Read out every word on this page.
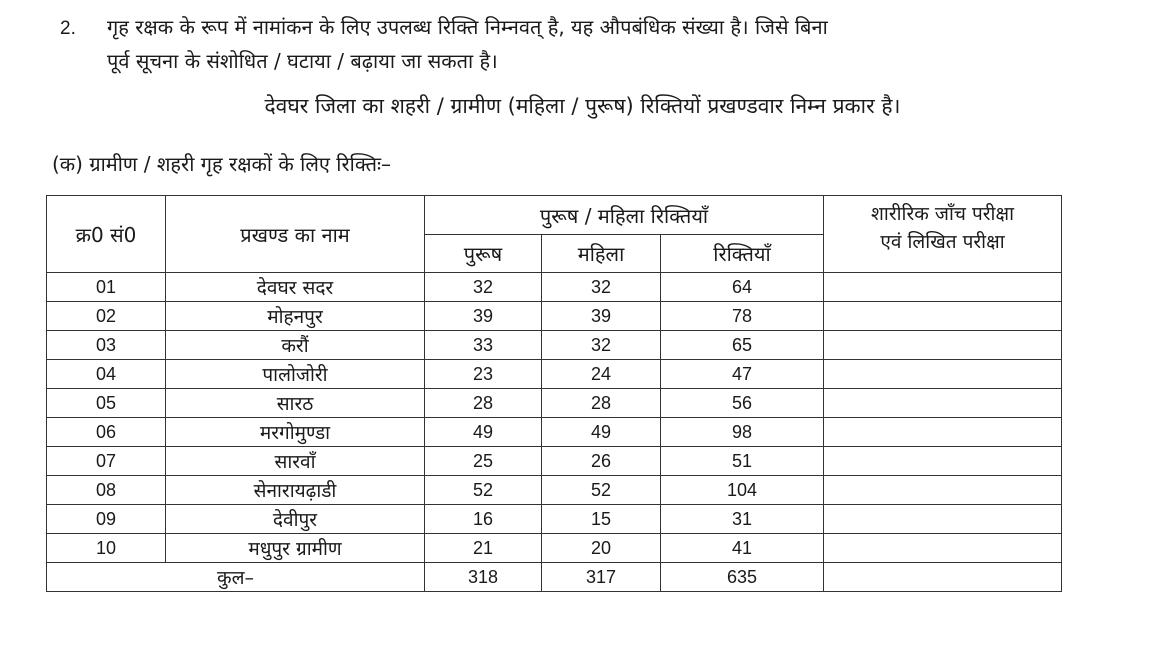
2. गृह रक्षक के रूप में नामांकन के लिए उपलब्ध रिक्ति निम्नवत् है, यह औपबंधिक संख्या है। जिसे बिना
पूर्व सूचना के संशोधित / घटाया / बढ़ाया जा सकता है।
देवघर जिला का शहरी / ग्रामीण (महिला / पुरूष) रिक्तियों प्रखण्डवार निम्न प्रकार है।
(क) ग्रामीण / शहरी गृह रक्षकों के लिए रिक्तिः–
क्र0 सं0	प्रखण्ड का नाम	पुरूष / महिला रिक्तियाँ			शारीरिक जाँच परीक्षा
एवं लिखित परीक्षा

		पुरूष	महिला	रिक्तियाँ	
01	देवघर सदर	32	32	64	
02	मोहनपुर	39	39	78	
03	करौं	33	32	65	
04	पालोजोरी	23	24	47	
05	सारठ	28	28	56	
06	मरगोमुण्डा	49	49	98	
07	सारवाँ	25	26	51	
08	सेनारायढ़ाडी	52	52	104	
09	देवीपुर	16	15	31	
10	मधुपुर ग्रामीण	21	20	41	
कुल–		318	317	635	
